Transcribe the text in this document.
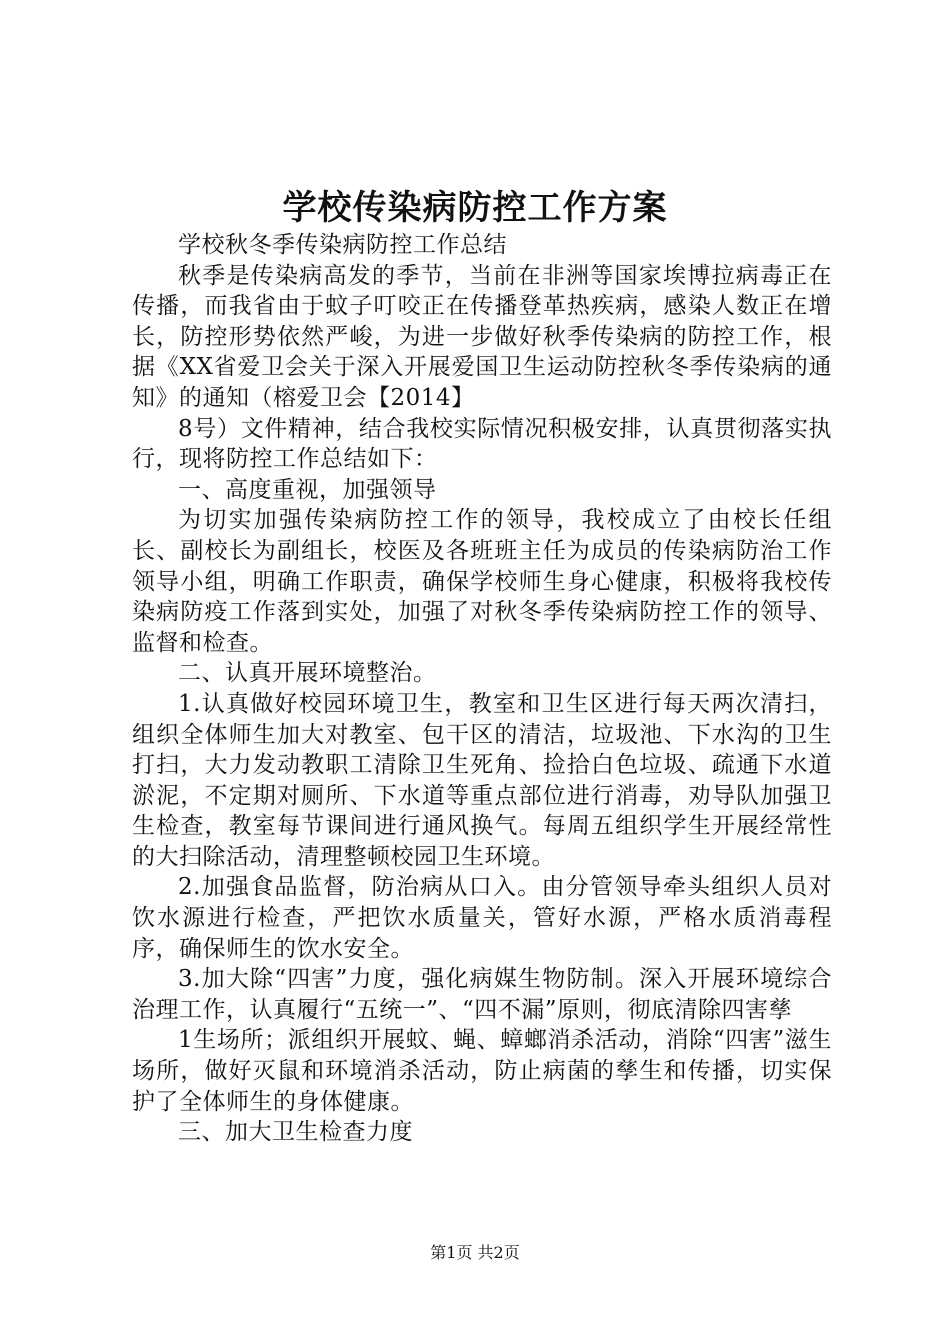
学校传染病防控工作方案

学校秋冬季传染病防控工作总结

秋季是传染病高发的季节，当前在非洲等国家埃博拉病毒正在传播，而我省由于蚊子叮咬正在传播登革热疾病，感染人数正在增长，防控形势依然严峻，为进一步做好秋季传染病的防控工作，根据《XX省爱卫会关于深入开展爱国卫生运动防控秋冬季传染病的通知》的通知（榕爱卫会【2014】

8号）文件精神，结合我校实际情况积极安排，认真贯彻落实执行，现将防控工作总结如下：

一、高度重视，加强领导

为切实加强传染病防控工作的领导，我校成立了由校长任组长、副校长为副组长，校医及各班班主任为成员的传染病防治工作领导小组，明确工作职责，确保学校师生身心健康，积极将我校传染病防疫工作落到实处，加强了对秋冬季传染病防控工作的领导、监督和检查。

二、认真开展环境整治。

1.认真做好校园环境卫生，教室和卫生区进行每天两次清扫，组织全体师生加大对教室、包干区的清洁，垃圾池、下水沟的卫生打扫，大力发动教职工清除卫生死角、捡拾白色垃圾、疏通下水道淤泥，不定期对厕所、下水道等重点部位进行消毒，劝导队加强卫生检查，教室每节课间进行通风换气。每周五组织学生开展经常性的大扫除活动，清理整顿校园卫生环境。

2.加强食品监督，防治病从口入。由分管领导牵头组织人员对饮水源进行检查，严把饮水质量关，管好水源，严格水质消毒程序，确保师生的饮水安全。

3.加大除“四害”力度，强化病媒生物防制。深入开展环境综合治理工作，认真履行“五统一”、“四不漏”原则，彻底清除四害孳

1生场所；派组织开展蚊、蝇、蟑螂消杀活动，消除“四害”滋生场所，做好灭鼠和环境消杀活动，防止病菌的孳生和传播，切实保护了全体师生的身体健康。

三、加大卫生检查力度

第1页 共2页
